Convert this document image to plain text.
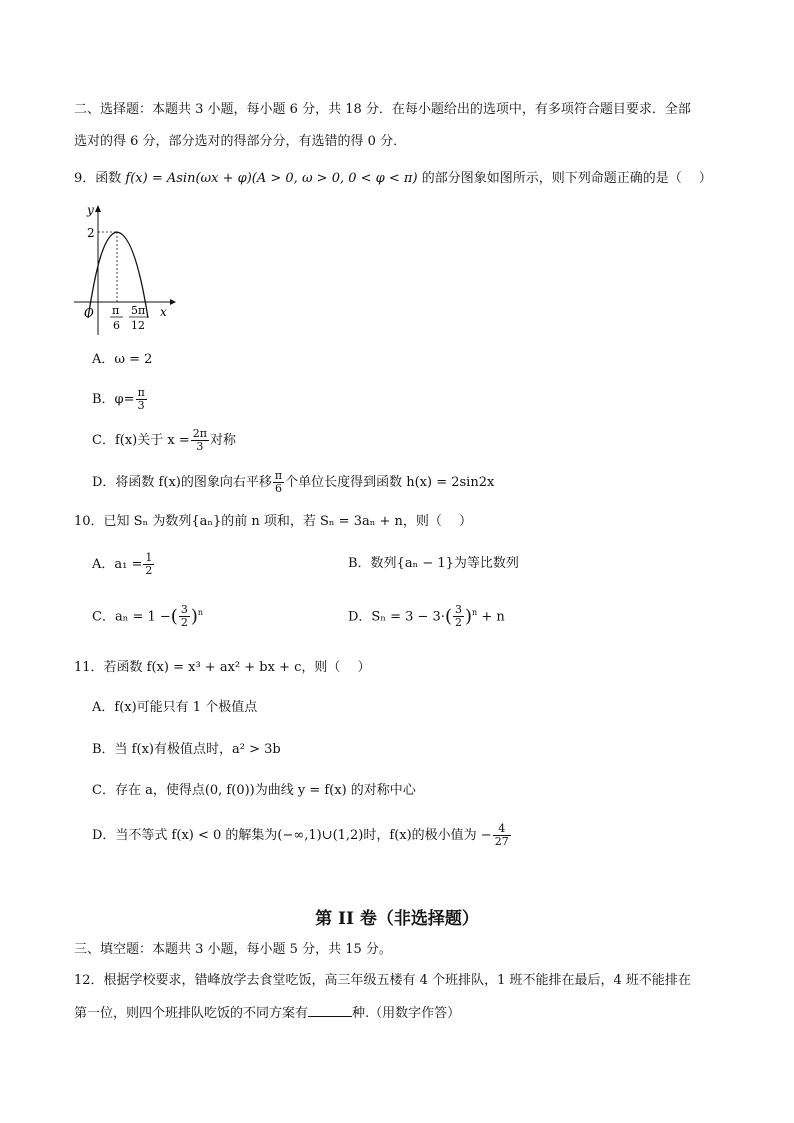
二、选择题：本题共 3 小题，每小题 6 分，共 18 分．在每小题给出的选项中，有多项符合题目要求．全部
选对的得 6 分，部分选对的得部分分，有选错的得 0 分．
9．函数 f(x) = Asin(ωx + φ)(A > 0, ω > 0, 0 < φ < π) 的部分图象如图所示，则下列命题正确的是（　 ）
y
x
O
2
π
6
5π
12
A．ω = 2
B．$\varphi= \frac{\pi}{3}$
C．f(x)关于 $x = \frac{2\pi}{3}$ 对称
D．将函数 f(x)的图象向右平移 $\frac{\pi}{6}$ 个单位长度得到函数 h(x) = 2sin2x
10．已知 Sₙ 为数列{aₙ}的前 n 项和，若 Sₙ = 3aₙ + n，则（　 ）
A．$a_1 = \frac{1}{2}$	B．数列{aₙ − 1}为等比数列
C．aₙ = 1 −( $\frac{3}{2} )^n$	D．$S_n = 3 - 3\cdot( \frac{3}{2} )^n + n$
11．若函数 f(x) = x³ + ax² + bx + c，则（　 ）
A．f(x)可能只有 1 个极值点
B．当 f(x)有极值点时，a² > 3b
C．存在 a，使得点(0, f(0))为曲线 y = f(x) 的对称中心
D．当不等式 f(x) < 0 的解集为(−∞,1)∪(1,2)时，f(x)的极小值为 − $\frac{4}{27}$
第 II 卷（非选择题）
三、填空题：本题共 3 小题，每小题 5 分，共 15 分。
12．根据学校要求，错峰放学去食堂吃饭，高三年级五楼有 4 个班排队，1 班不能排在最后，4 班不能排在
第一位，则四个班排队吃饭的不同方案有	种.（用数字作答）
